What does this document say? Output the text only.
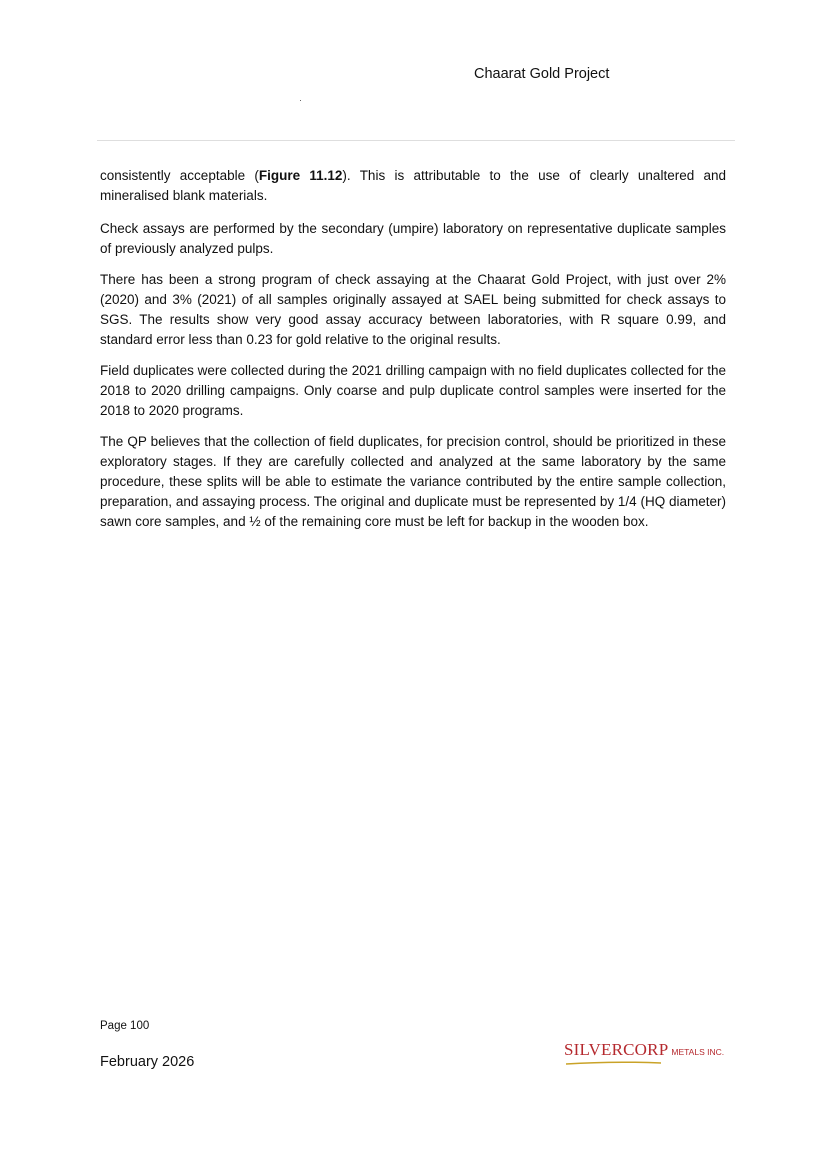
Chaarat Gold Project

consistently acceptable (Figure 11.12). This is attributable to the use of clearly unaltered and mineralised blank materials.

Check assays are performed by the secondary (umpire) laboratory on representative duplicate samples of previously analyzed pulps.

There has been a strong program of check assaying at the Chaarat Gold Project, with just over 2% (2020) and 3% (2021) of all samples originally assayed at SAEL being submitted for check assays to SGS. The results show very good assay accuracy between laboratories, with R square 0.99, and standard error less than 0.23 for gold relative to the original results.

Field duplicates were collected during the 2021 drilling campaign with no field duplicates collected for the 2018 to 2020 drilling campaigns. Only coarse and pulp duplicate control samples were inserted for the 2018 to 2020 programs.

The QP believes that the collection of field duplicates, for precision control, should be prioritized in these exploratory stages. If they are carefully collected and analyzed at the same laboratory by the same procedure, these splits will be able to estimate the variance contributed by the entire sample collection, preparation, and assaying process. The original and duplicate must be represented by 1/4 (HQ diameter) sawn core samples, and ½ of the remaining core must be left for backup in the wooden box.

Page 100
February 2026
SILVERCORP METALS INC.
